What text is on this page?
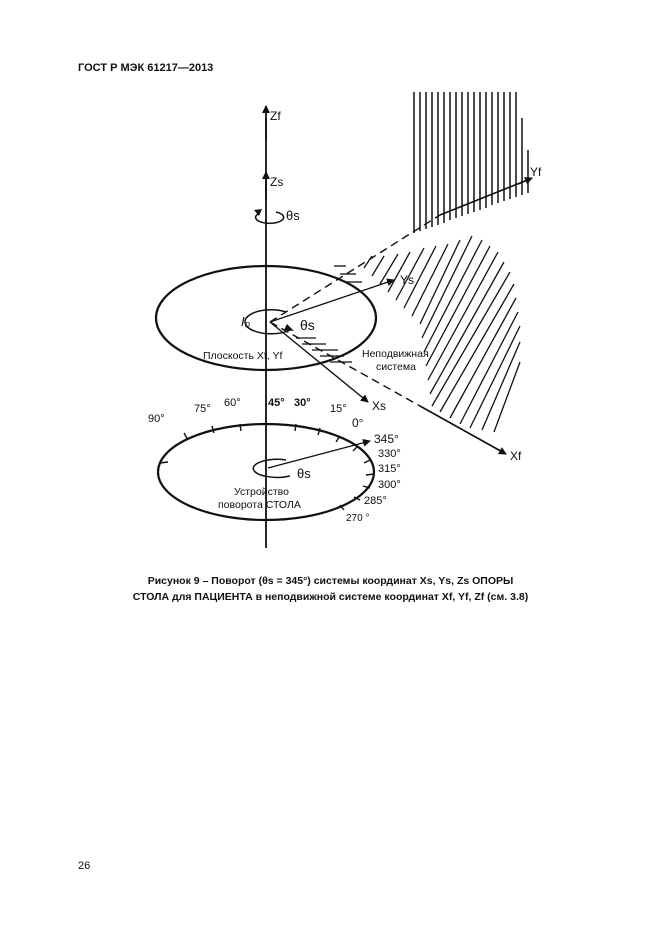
ГОСТ Р МЭК 61217—2013
Zf
Zs
θs
Yf
Ys
Xs
Xf
I₀	θs
θs
Плоскость Xf, Yf	Неподвижная
система
Устройство
поворота СТОЛА
90°
75° 60° 45° 30° 15°
0°
345°
330°
315°
300°
285°
270 °
Рисунок 9 – Поворот (θs = 345°) системы координат Xs, Ys, Zs ОПОРЫ
СТОЛА для ПАЦИЕНТА в неподвижной системе координат Xf, Yf, Zf (см. 3.8)
26
